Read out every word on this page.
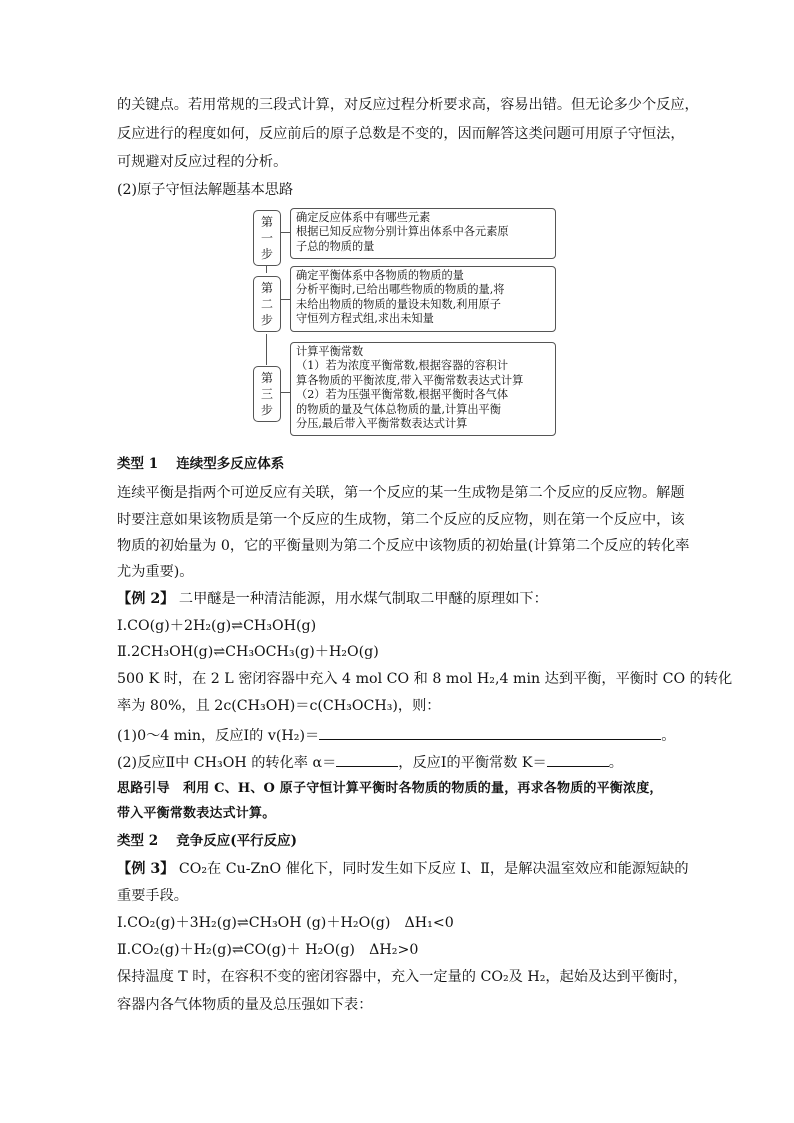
的关键点。若用常规的三段式计算，对反应过程分析要求高，容易出错。但无论多少个反应，
反应进行的程度如何，反应前后的原子总数是不变的，因而解答这类问题可用原子守恒法，
可规避对反应过程的分析。
(2)原子守恒法解题基本思路
第
一
步
确定反应体系中有哪些元素
根据已知反应物分别计算出体系中各元素原
子总的物质的量
第
二
步
确定平衡体系中各物质的物质的量
分析平衡时,已给出哪些物质的物质的量,将
未给出物质的物质的量设未知数,利用原子
守恒列方程式组,求出未知量
第
三
步
计算平衡常数
（1）若为浓度平衡常数,根据容器的容积计
算各物质的平衡浓度,带入平衡常数表达式计算
（2）若为压强平衡常数,根据平衡时各气体
的物质的量及气体总物质的量,计算出平衡
分压,最后带入平衡常数表达式计算
类型 1　 连续型多反应体系
连续平衡是指两个可逆反应有关联，第一个反应的某一生成物是第二个反应的反应物。解题
时要注意如果该物质是第一个反应的生成物，第二个反应的反应物，则在第一个反应中，该
物质的初始量为 0，它的平衡量则为第二个反应中该物质的初始量(计算第二个反应的转化率
尤为重要)。
【例 2】 二甲醚是一种清洁能源，用水煤气制取二甲醚的原理如下：
Ⅰ.CO(g)＋2H₂(g)⇌CH₃OH(g)
Ⅱ.2CH₃OH(g)⇌CH₃OCH₃(g)＋H₂O(g)
500 K 时，在 2 L 密闭容器中充入 4 mol CO 和 8 mol H₂,4 min 达到平衡，平衡时 CO 的转化
率为 80%，且 2c(CH₃OH)＝c(CH₃OCH₃)，则：
(1)0～4 min，反应Ⅰ的 v(H₂)＝	。
(2)反应Ⅱ中 CH₃OH 的转化率 α＝	，反应Ⅰ的平衡常数 K＝	。
思路引导　利用 C、H、O 原子守恒计算平衡时各物质的物质的量，再求各物质的平衡浓度，
带入平衡常数表达式计算。
类型 2　 竞争反应(平行反应)
【例 3】 CO₂在 Cu-ZnO 催化下，同时发生如下反应 Ⅰ、Ⅱ，是解决温室效应和能源短缺的
重要手段。
Ⅰ.CO₂(g)＋3H₂(g)⇌CH₃OH (g)＋H₂O(g)　ΔH₁<0
Ⅱ.CO₂(g)＋H₂(g)⇌CO(g)＋ H₂O(g)　ΔH₂>0
保持温度 T 时，在容积不变的密闭容器中，充入一定量的 CO₂及 H₂，起始及达到平衡时，
容器内各气体物质的量及总压强如下表：
